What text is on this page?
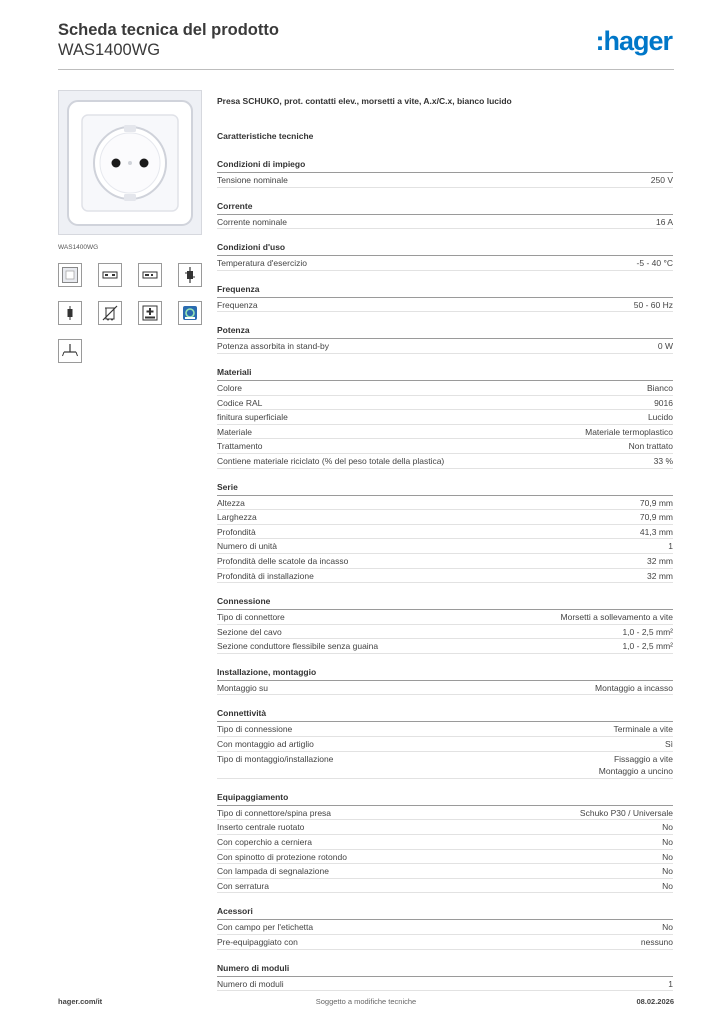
Scheda tecnica del prodotto
WAS1400WG	:hager
WAS1400WG
Presa SCHUKO, prot. contatti elev., morsetti a vite, A.x/C.x, bianco lucido
Caratteristiche tecniche
Condizioni di impiego
Tensione nominale	250 V
Corrente
Corrente nominale	16 A
Condizioni d'uso
Temperatura d'esercizio	-5 - 40 °C
Frequenza
Frequenza	50 - 60 Hz
Potenza
Potenza assorbita in stand-by	0 W
Materiali
Colore	Bianco
Codice RAL	9016
finitura superficiale	Lucido
Materiale	Materiale termoplastico
Trattamento	Non trattato
Contiene materiale riciclato (% del peso totale della plastica)	33 %
Serie
Altezza	70,9 mm
Larghezza	70,9 mm
Profondità	41,3 mm
Numero di unità	1
Profondità delle scatole da incasso	32 mm
Profondità di installazione	32 mm
Connessione
Tipo di connettore	Morsetti a sollevamento a vite
Sezione del cavo	1,0 - 2,5 mm²
Sezione conduttore flessibile senza guaina	1,0 - 2,5 mm²
Installazione, montaggio
Montaggio su	Montaggio a incasso
Connettività
Tipo di connessione	Terminale a vite
Con montaggio ad artiglio	Sì
Tipo di montaggio/installazione	Fissaggio a vite
Montaggio a uncino
Equipaggiamento
Tipo di connettore/spina presa	Schuko P30 / Universale
Inserto centrale ruotato	No
Con coperchio a cerniera	No
Con spinotto di protezione rotondo	No
Con lampada di segnalazione	No
Con serratura	No
Acessori
Con campo per l'etichetta	No
Pre-equipaggiato con	nessuno
Numero di moduli
Numero di moduli	1
hager.com/it	Soggetto a modifiche tecniche	08.02.2026
